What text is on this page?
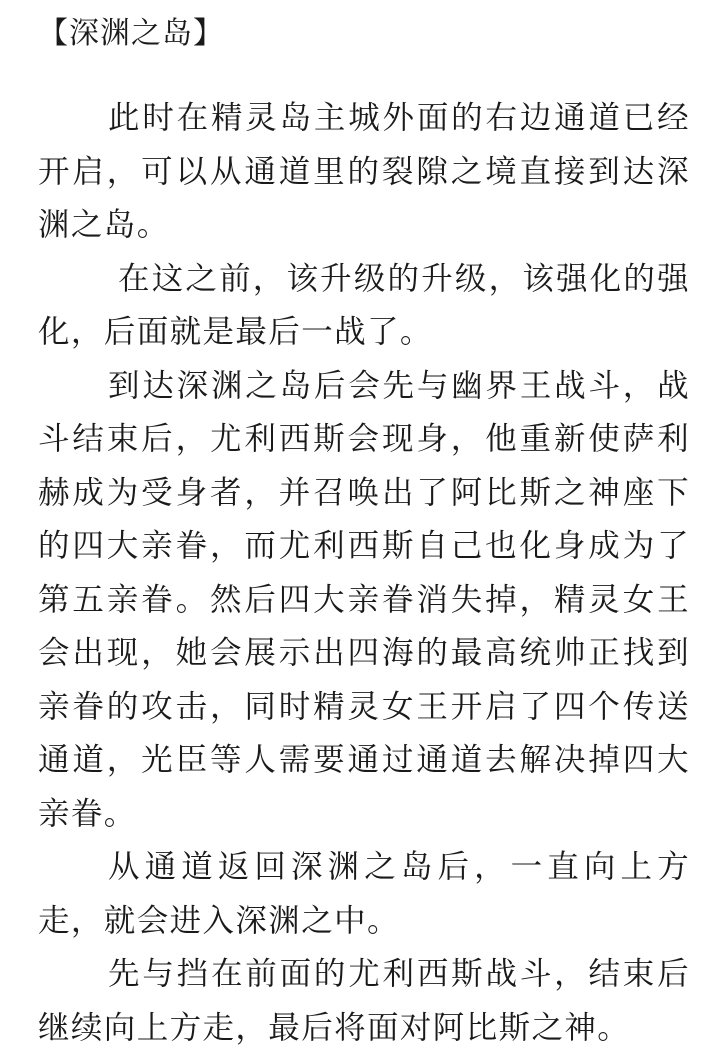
【深渊之岛】

此时在精灵岛主城外面的右边通道已经开启，可以从通道里的裂隙之境直接到达深渊之岛。

在这之前，该升级的升级，该强化的强化，后面就是最后一战了。

到达深渊之岛后会先与幽界王战斗，战斗结束后，尤利西斯会现身，他重新使萨利赫成为受身者，并召唤出了阿比斯之神座下的四大亲眷，而尤利西斯自己也化身成为了第五亲眷。然后四大亲眷消失掉，精灵女王会出现，她会展示出四海的最高统帅正找到亲眷的攻击，同时精灵女王开启了四个传送通道，光臣等人需要通过通道去解决掉四大亲眷。

从通道返回深渊之岛后，一直向上方走，就会进入深渊之中。

先与挡在前面的尤利西斯战斗，结束后继续向上方走，最后将面对阿比斯之神。
